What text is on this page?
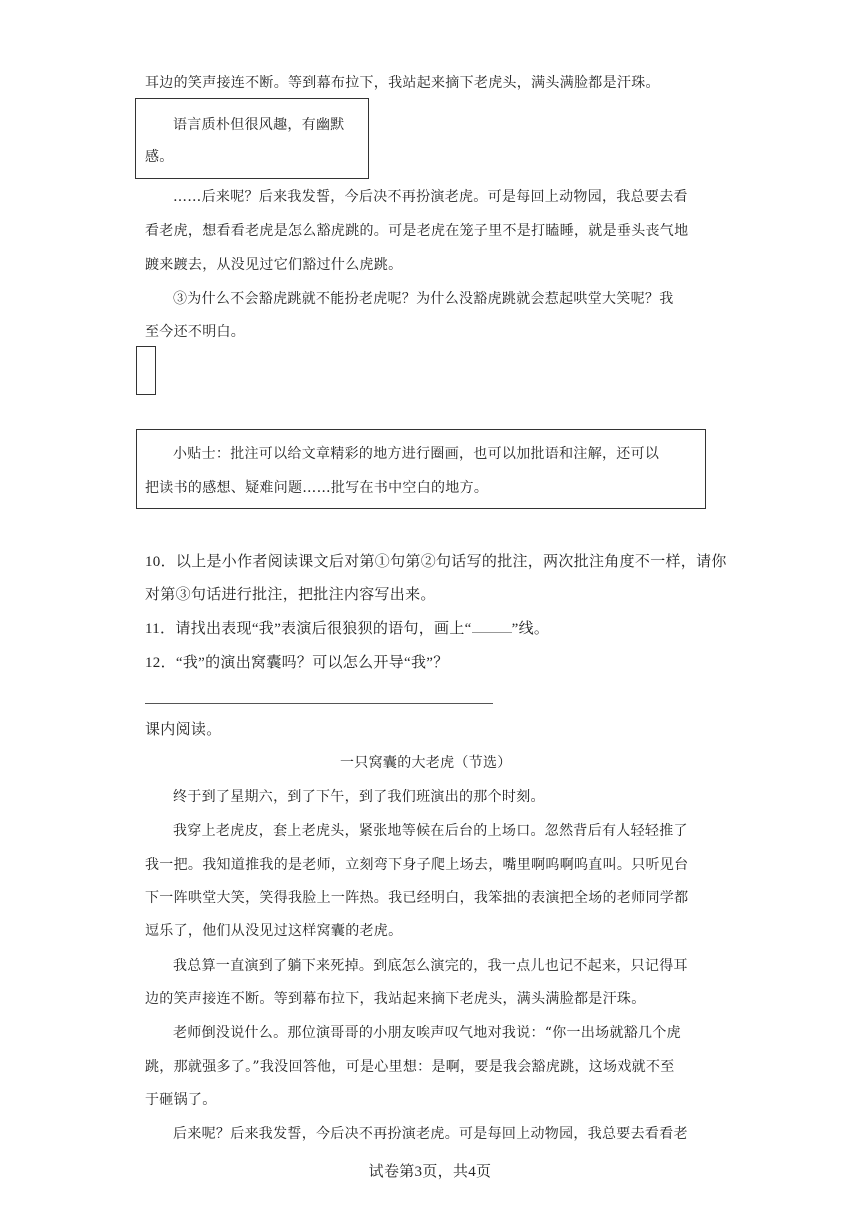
耳边的笑声接连不断。等到幕布拉下，我站起来摘下老虎头，满头满脸都是汗珠。
语言质朴但很风趣，有幽默
感。
……后来呢？后来我发誓，今后决不再扮演老虎。可是每回上动物园，我总要去看
看老虎，想看看老虎是怎么豁虎跳的。可是老虎在笼子里不是打瞌睡，就是垂头丧气地
踱来踱去，从没见过它们豁过什么虎跳。
③为什么不会豁虎跳就不能扮老虎呢？为什么没豁虎跳就会惹起哄堂大笑呢？我
至今还不明白。
小贴士：批注可以给文章精彩的地方进行圈画，也可以加批语和注解，还可以
把读书的感想、疑难问题……批写在书中空白的地方。
10．以上是小作者阅读课文后对第①句第②句话写的批注，两次批注角度不一样，请你
对第③句话进行批注，把批注内容写出来。
11．请找出表现“我”表演后很狼狈的语句，画上“	”线。
12．“我”的演出窝囊吗？可以怎么开导“我”？
课内阅读。
一只窝囊的大老虎（节选）
终于到了星期六，到了下午，到了我们班演出的那个时刻。
我穿上老虎皮，套上老虎头，紧张地等候在后台的上场口。忽然背后有人轻轻推了
我一把。我知道推我的是老师，立刻弯下身子爬上场去，嘴里啊呜啊呜直叫。只听见台
下一阵哄堂大笑，笑得我脸上一阵热。我已经明白，我笨拙的表演把全场的老师同学都
逗乐了，他们从没见过这样窝囊的老虎。
我总算一直演到了躺下来死掉。到底怎么演完的，我一点儿也记不起来，只记得耳
边的笑声接连不断。等到幕布拉下，我站起来摘下老虎头，满头满脸都是汗珠。
老师倒没说什么。那位演哥哥的小朋友唉声叹气地对我说：“你一出场就豁几个虎
跳，那就强多了。”我没回答他，可是心里想：是啊，要是我会豁虎跳，这场戏就不至
于砸锅了。
后来呢？后来我发誓，今后决不再扮演老虎。可是每回上动物园，我总要去看看老
试卷第3页，共4页
